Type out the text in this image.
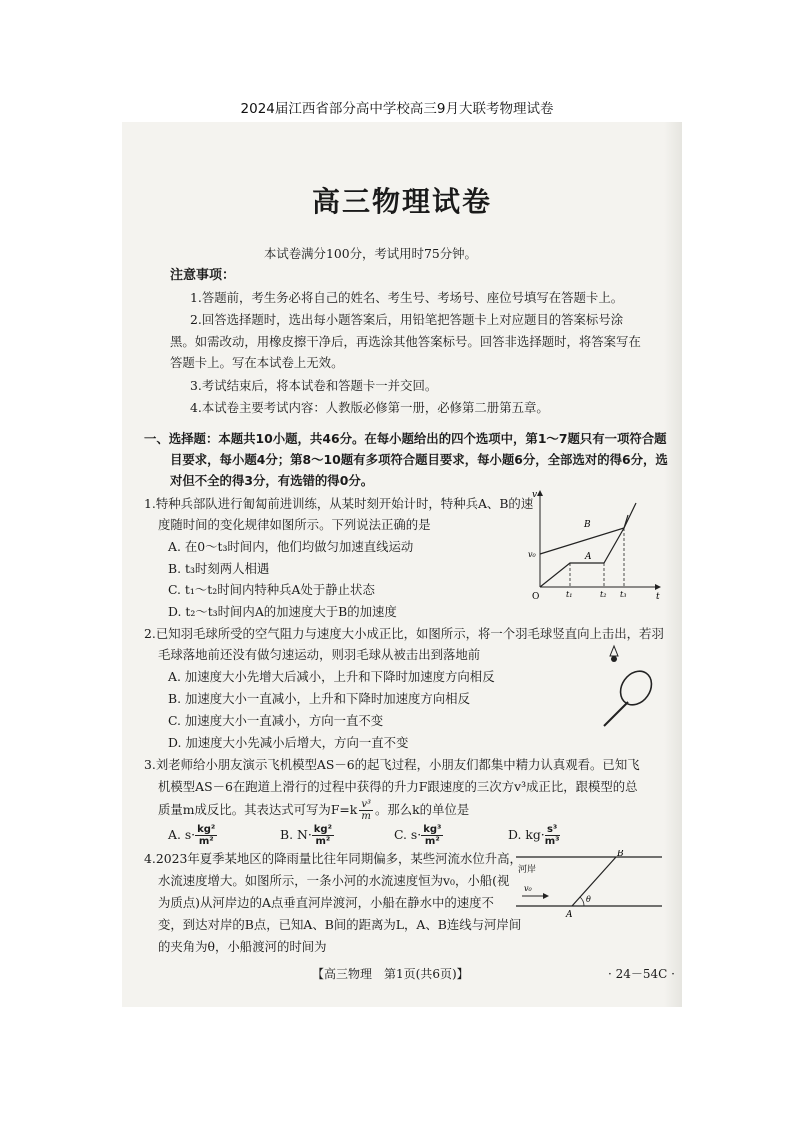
2024届江西省部分高中学校高三9月大联考物理试卷
高三物理试卷
本试卷满分100分，考试用时75分钟。
注意事项：
1.答题前，考生务必将自己的姓名、考生号、考场号、座位号填写在答题卡上。
2.回答选择题时，选出每小题答案后，用铅笔把答题卡上对应题目的答案标号涂
黑。如需改动，用橡皮擦干净后，再选涂其他答案标号。回答非选择题时，将答案写在
答题卡上。写在本试卷上无效。
3.考试结束后，将本试卷和答题卡一并交回。
4.本试卷主要考试内容：人教版必修第一册，必修第二册第五章。
一、选择题：本题共10小题，共46分。在每小题给出的四个选项中，第1～7题只有一项符合题
目要求，每小题4分；第8～10题有多项符合题目要求，每小题6分，全部选对的得6分，选
对但不全的得3分，有选错的得0分。
1.特种兵部队进行匍匐前进训练，从某时刻开始计时，特种兵A、B的速
度随时间的变化规律如图所示。下列说法正确的是
A. 在0～t₃时间内，他们均做匀加速直线运动
B. t₃时刻两人相遇
C. t₁～t₂时间内特种兵A处于静止状态
D. t₂～t₃时间内A的加速度大于B的加速度
v
t
O
v₀	A
B
t₁	t₂ t₃
2.已知羽毛球所受的空气阻力与速度大小成正比，如图所示，将一个羽毛球竖直向上击出，若羽
毛球落地前还没有做匀速运动，则羽毛球从被击出到落地前
A. 加速度大小先增大后减小，上升和下降时加速度方向相反
B. 加速度大小一直减小，上升和下降时加速度方向相反
C. 加速度大小一直减小，方向一直不变
D. 加速度大小先减小后增大，方向一直不变
3.刘老师给小朋友演示飞机模型AS－6的起飞过程，小朋友们都集中精力认真观看。已知飞
机模型AS－6在跑道上滑行的过程中获得的升力F跟速度的三次方v³成正比，跟模型的总
质量m成反比。其表达式可写为$F=k \frac{\text{v³}}{m}$ 。那么k的单位是
A. $s\cdot \frac{\text{kg²}}{\text{m²}}$	B. $N\cdot \frac{\text{kg²}}{\text{m²}}$	C. $s\cdot \frac{\text{kg³}}{\text{m²}}$	D. $kg\cdot \frac{\text{s³}}{\text{m³}}$
4.2023年夏季某地区的降雨量比往年同期偏多，某些河流水位升高，
水流速度增大。如图所示，一条小河的水流速度恒为v₀，小船(视
为质点)从河岸边的A点垂直河岸渡河，小船在静水中的速度不
变，到达对岸的B点，已知A、B间的距离为L，A、B连线与河岸间
的夹角为θ，小船渡河的时间为
河岸
v₀
θ
A
B
【高三物理　第1页(共6页)】	· 24－54C ·
